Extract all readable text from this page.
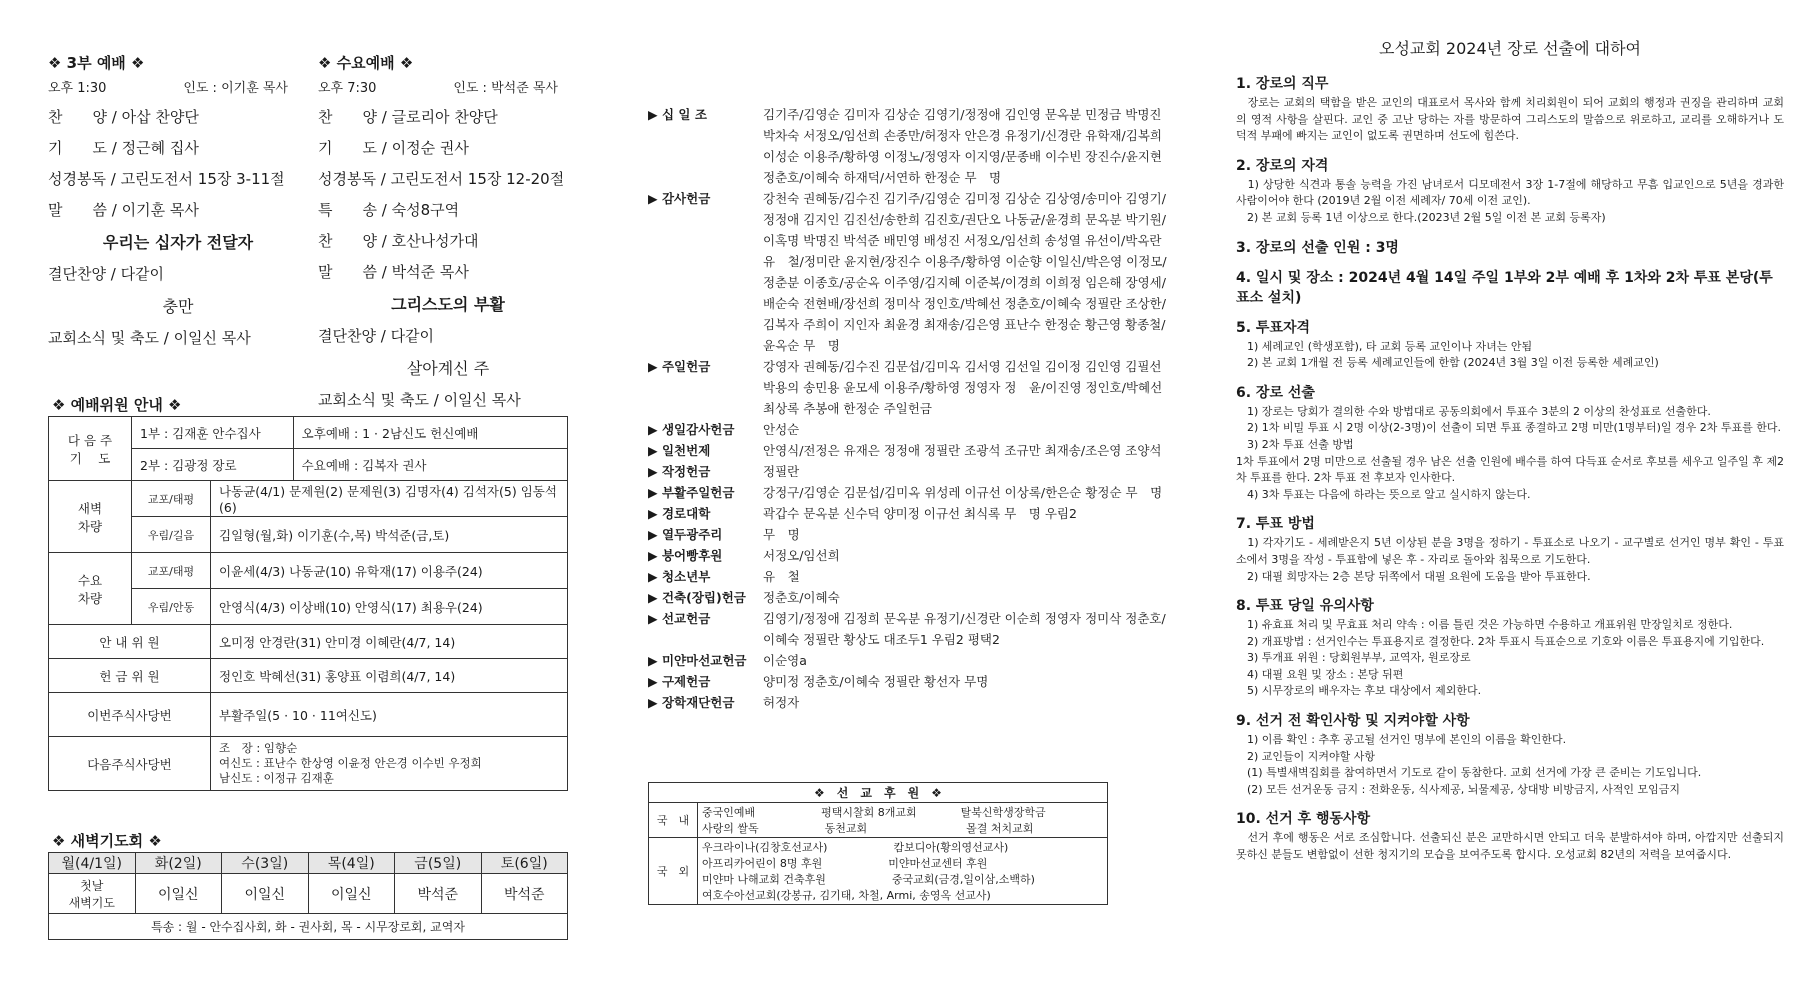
❖ 3부 예배 ❖
오후 1:30	인도 : 이기훈 목사
찬　　양 / 아삽 찬양단
기　　도 / 정근혜 집사
성경봉독 / 고린도전서 15장 3-11절
말　　씀 / 이기훈 목사
우리는 십자가 전달자
결단찬양 / 다같이
충만
교회소식 및 축도 / 이일신 목사
❖ 수요예배 ❖
오후 7:30	인도 : 박석준 목사
찬　　양 / 글로리아 찬양단
기　　도 / 이정순 권사
성경봉독 / 고린도전서 15장 12-20절
특　　송 / 숙성8구역
찬　　양 / 호산나성가대
말　　씀 / 박석준 목사
그리스도의 부활
결단찬양 / 다같이
살아계신 주
교회소식 및 축도 / 이일신 목사
❖ 예배위원 안내 ❖
다 음 주
기　 도	1부 : 김재훈 안수집사		오후예배 : 1 · 2남신도 헌신예배
	2부 : 김광정 장로		수요예배 : 김복자 권사
새벽
차량	교포/태평	나동균(4/1) 문제원(2) 문제원(3) 김명자(4) 김석자(5) 임동석(6)	
	우림/길음	김일형(월,화) 이기훈(수,목) 박석준(금,토)	
수요
차량	교포/태평	이윤세(4/3) 나동균(10) 유학재(17) 이용주(24)	
	우림/안동	안영식(4/3) 이상배(10) 안영식(17) 최용우(24)	
안 내 위 원		오미정 안경란(31) 안미경 이혜란(4/7, 14)	
헌 금 위 원		정인호 박혜선(31) 홍양표 이렴희(4/7, 14)	
이번주식사당번		부활주일(5 · 10 · 11여신도)	
다음주식사당번		조　장 : 임향순
여신도 : 표난수 한상영 이윤정 안은경 이수빈 우정희
남신도 : 이정규 김재훈	
❖ 새벽기도회 ❖
월(4/1일)	화(2일)	수(3일)	목(4일)	금(5일)	토(6일)
첫날
새벽기도	이일신	이일신	이일신	박석준	박석준
특송 : 월 - 안수집사회, 화 - 권사회, 목 - 시무장로회, 교역자					
▶ 십 일 조	김기주/김영순 김미자 김상순 김영기/정정애 김인영 문옥분 민정금 박명진 박차숙 서정오/임선희 손종만/허정자 안은경 유정기/신경란 유학재/김복희 이성순 이용주/황하영 이정노/정영자 이지영/문종배 이수빈 장진수/윤지현 정춘호/이혜숙 하재덕/서연하 한정순 무　명
▶ 감사헌금	강천숙 권혜동/김수진 김기주/김영순 김미정 김상순 김상영/송미아 김영기/정정애 김지인 김진선/송한희 김진호/권단오 나동균/윤경희 문옥분 박기원/이혹명 박명진 박석준 배민영 배성진 서정오/임선희 송성열 유선이/박옥란 유　철/정미란 윤지현/장진수 이용주/황하영 이순향 이일신/박은영 이정모/정춘분 이종호/공순옥 이주영/김지혜 이준복/이경희 이희정 임은해 장영세/배순숙 전현배/장선희 정미삭 정인호/박혜선 정춘호/이혜숙 정필란 조상한/김복자 주희이 지인자 최윤경 최재송/김은영 표난수 한정순 황근영 황종철/윤옥순 무　명
▶ 주일헌금	강영자 권혜동/김수진 김문섭/김미옥 김서영 김선일 김이정 김인영 김필선 박용의 송민용 윤모세 이용주/황하영 정영자 정　윤/이진영 정인호/박혜선 최상록 추봉애 한정순 주일헌금
▶ 생일감사헌금	안성순
▶ 일천번제	안영식/전정은 유재은 정정애 정필란 조광석 조규만 최재송/조은영 조양석
▶ 작정헌금	정필란
▶ 부활주일헌금	강정구/김영순 김문섭/김미옥 위성레 이규선 이상록/한은순 황정순 무　명
▶ 경로대학	곽갑수 문옥분 신수덕 양미정 이규선 최식록 무　명 우림2
▶ 열두광주리	무　명
▶ 붕어빵후원	서정오/임선희
▶ 청소년부	유　철
▶ 건축(장립)헌금	정춘호/이혜숙
▶ 선교헌금	김영기/정정애 김정희 문옥분 유정기/신경란 이순희 정영자 정미삭 정춘호/이혜숙 정필란 황상도 대조두1 우림2 평택2
▶ 미얀마선교헌금	이순영a
▶ 구제헌금	양미정 정춘호/이혜숙 정필란 황선자 무명
▶ 장학재단헌금	허정자
❖　선　교　후　원　❖	
국　내	중국인예배　　　　　　평택시찰회 8개교회　　　　탈북신학생장학금
사랑의 쌀독　　　　　　동천교회　　　　　　　　　몰결 처치교회

국　외	우크라이나(김창호선교사)　　　　　　캄보디아(황의영선교사)
아프리카어린이 8명 후원　　　　　　미얀마선교센터 후원
미얀마 나해교회 건축후원　　　　　　중국교회(금경,일이삼,소백하)
여호수아선교회(강봉규, 김기태, 차철, Armi, 송영옥 선교사)
오성교회 2024년 장로 선출에 대하여
1. 장로의 직무
　장로는 교회의 택함을 받은 교인의 대표로서 목사와 함께 치리회원이 되어 교회의 행정과 권징을 관리하며 교회의 영적 사항을 살핀다. 교인 중 고난 당하는 자를 방문하여 그리스도의 말씀으로 위로하고, 교리를 오해하거나 도덕적 부패에 빠지는 교인이 없도록 권면하며 선도에 힘쓴다.
2. 장로의 자격
　1) 상당한 식견과 통솔 능력을 가진 남녀로서 디모데전서 3장 1-7절에 해당하고 무흠 입교인으로 5년을 경과한 사람이어야 한다 (2019년 2월 이전 세례자/ 70세 이전 교인).
　2) 본 교회 등록 1년 이상으로 한다.(2023년 2월 5일 이전 본 교회 등록자)
3. 장로의 선출 인원 : 3명
4. 일시 및 장소 : 2024년 4월 14일 주일 1부와 2부 예배 후 1차와 2차 투표 본당(투표소 설치)
5. 투표자격
　1) 세례교인 (학생포함), 타 교회 등록 교인이나 자녀는 안됨
　2) 본 교회 1개월 전 등록 세례교인들에 한함 (2024년 3월 3일 이전 등록한 세례교인)
6. 장로 선출
　1) 장로는 당회가 결의한 수와 방법대로 공동의회에서 투표수 3분의 2 이상의 찬성표로 선출한다.
　2) 1차 비밀 투표 시 2명 이상(2-3명)이 선출이 되면 투표 종결하고 2명 미만(1명부터)일 경우 2차 투표를 한다.
　3) 2차 투표 선출 방법
1차 투표에서 2명 미만으로 선출될 경우 남은 선출 인원에 배수를 하여 다득표 순서로 후보를 세우고 일주일 후 제2차 투표를 한다. 2차 투표 전 후보자 인사한다.
　4) 3차 투표는 다음에 하라는 뜻으로 알고 실시하지 않는다.
7. 투표 방법
　1) 각자기도 - 세례받은지 5년 이상된 분을 3명을 정하기 - 투표소로 나오기 - 교구별로 선거인 명부 확인 - 투표소에서 3명을 작성 - 투표함에 넣은 후 - 자리로 돌아와 침묵으로 기도한다.
　2) 대필 희망자는 2층 본당 뒤쪽에서 대필 요원에 도움을 받아 투표한다.
8. 투표 당일 유의사항
　1) 유효표 처리 및 무효표 처리 약속 : 이름 틀린 것은 가능하면 수용하고 개표위원 만장일치로 정한다.
　2) 개표방법 : 선거인수는 투표용지로 결정한다. 2차 투표시 득표순으로 기호와 이름은 투표용지에 기입한다.
　3) 투개표 위원 : 당회원부부, 교역자, 원로장로
　4) 대필 요원 및 장소 : 본당 뒤편
　5) 시무장로의 배우자는 후보 대상에서 제외한다.
9. 선거 전 확인사항 및 지켜야할 사항
　1) 이름 확인 : 추후 공고될 선거인 명부에 본인의 이름을 확인한다.
　2) 교인들이 지켜야할 사항
　(1) 특별새벽집회를 참여하면서 기도로 같이 동참한다. 교회 선거에 가장 큰 준비는 기도입니다.
　(2) 모든 선거운동 금지 : 전화운동, 식사제공, 뇌물제공, 상대방 비방금지, 사적인 모임금지
10. 선거 후 행동사항
　선거 후에 행동은 서로 조심합니다. 선출되신 분은 교만하시면 안되고 더욱 분발하셔야 하며, 아깝지만 선출되지 못하신 분들도 변함없이 선한 청지기의 모습을 보여주도록 합시다. 오성교회 82년의 저력을 보여줍시다.
